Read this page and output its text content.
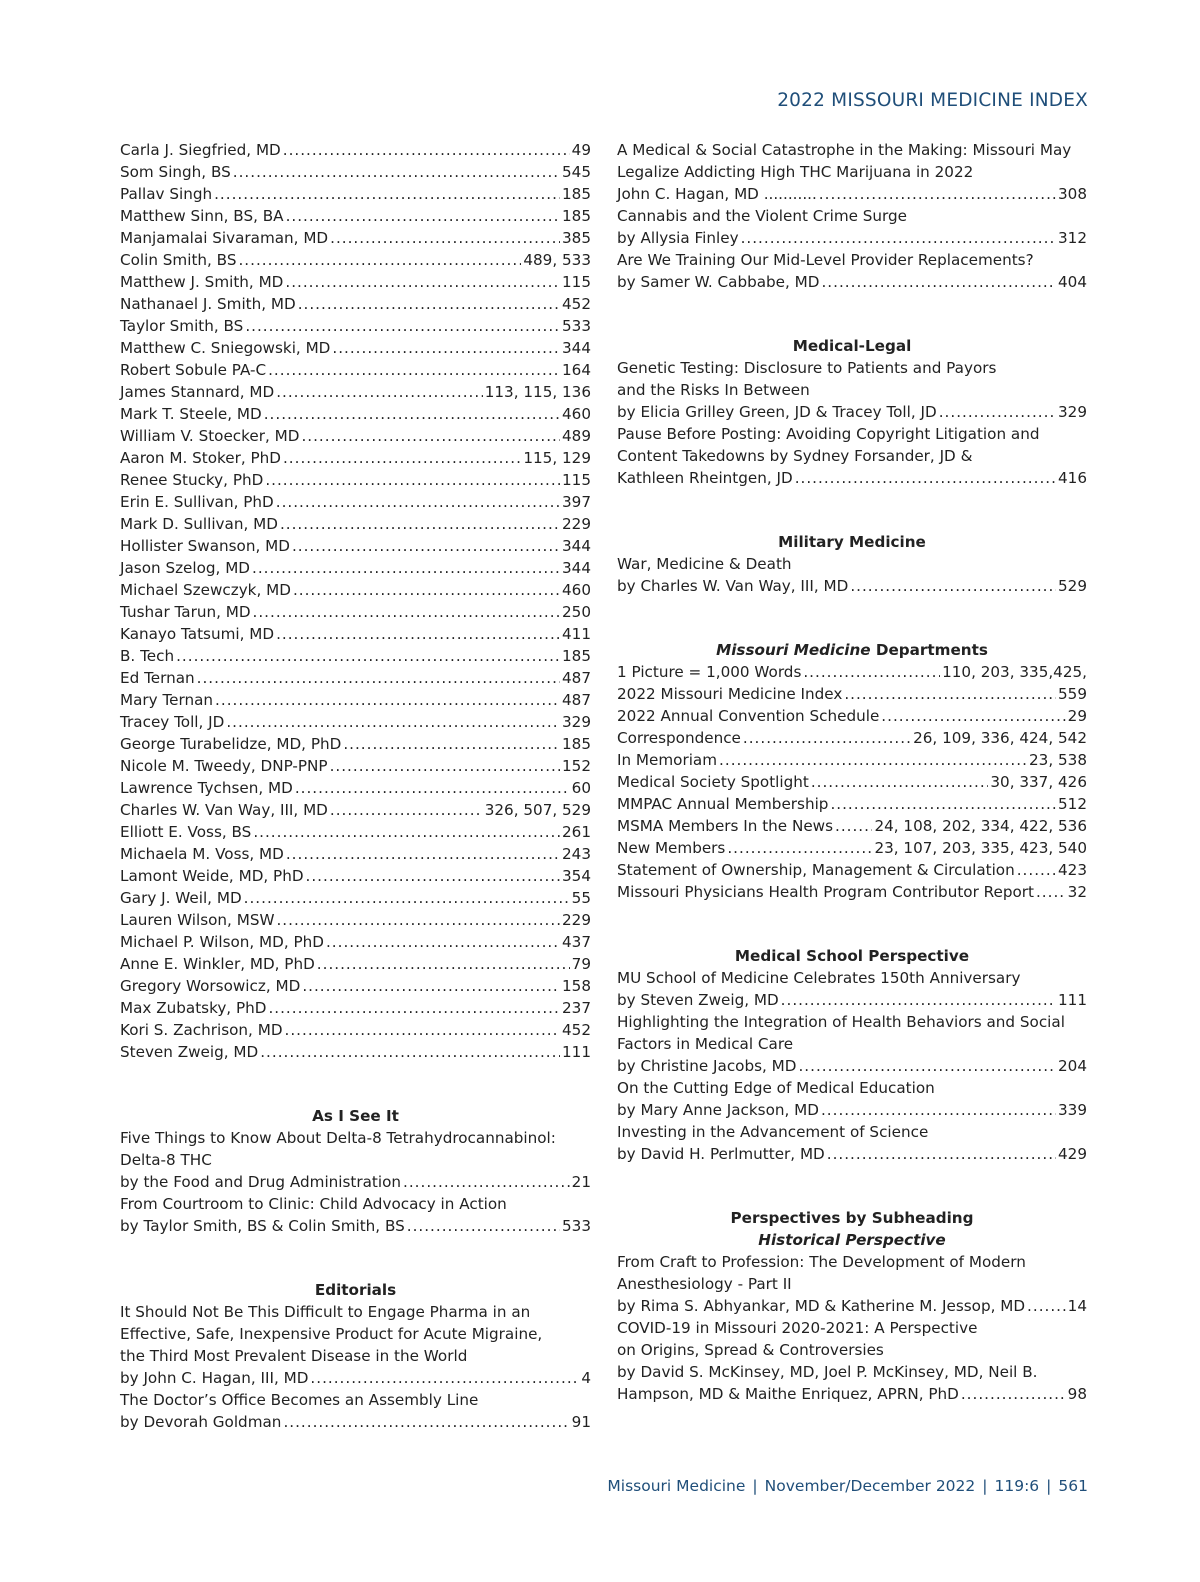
2022 MISSOURI MEDICINE INDEX
Carla J. Siegfried, MD .....	49
Som Singh, BS .....	545
Pallav Singh .....	185
Matthew Sinn, BS, BA .....	185
Manjamalai Sivaraman, MD .....	385
Colin Smith, BS .....	489, 533
Matthew J. Smith, MD .....	115
Nathanael J. Smith, MD .....	452
Taylor Smith, BS .....	533
Matthew C. Sniegowski, MD .....	344
Robert Sobule PA-C .....	164
James Stannard, MD .....	113, 115, 136
Mark T. Steele, MD .....	460
William V. Stoecker, MD .....	489
Aaron M. Stoker, PhD .....	115, 129
Renee Stucky, PhD .....	115
Erin E. Sullivan, PhD .....	397
Mark D. Sullivan, MD .....	229
Hollister Swanson, MD .....	344
Jason Szelog, MD .....	344
Michael Szewczyk, MD .....	460
Tushar Tarun, MD .....	250
Kanayo Tatsumi, MD .....	411
B. Tech .....	185
Ed Ternan .....	487
Mary Ternan .....	487
Tracey Toll, JD .....	329
George Turabelidze, MD, PhD .....	185
Nicole M. Tweedy, DNP-PNP .....	152
Lawrence Tychsen, MD .....	60
Charles W. Van Way, III, MD .....	326, 507, 529
Elliott E. Voss, BS .....	261
Michaela M. Voss, MD .....	243
Lamont Weide, MD, PhD .....	354
Gary J. Weil, MD .....	55
Lauren Wilson, MSW .....	229
Michael P. Wilson, MD, PhD .....	437
Anne E. Winkler, MD, PhD .....	79
Gregory Worsowicz, MD .....	158
Max Zubatsky, PhD .....	237
Kori S. Zachrison, MD .....	452
Steven Zweig, MD .....	111
As I See It
Five Things to Know About Delta-8 Tetrahydrocannabinol:
Delta-8 THC
by the Food and Drug Administration .....	21
From Courtroom to Clinic: Child Advocacy in Action
by Taylor Smith, BS & Colin Smith, BS .....	533
Editorials
It Should Not Be This Difficult to Engage Pharma in an
Effective, Safe, Inexpensive Product for Acute Migraine,
the Third Most Prevalent Disease in the World
by John C. Hagan, III, MD .....	4
The Doctor’s Office Becomes an Assembly Line
by Devorah Goldman .....	91
A Medical & Social Catastrophe in the Making: Missouri May
Legalize Addicting High THC Marijuana in 2022
John C. Hagan, MD ........... .....	308
Cannabis and the Violent Crime Surge
by Allysia Finley .....	312
Are We Training Our Mid-Level Provider Replacements?
by Samer W. Cabbabe, MD .....	404
Medical-Legal
Genetic Testing: Disclosure to Patients and Payors
and the Risks In Between
by Elicia Grilley Green, JD & Tracey Toll, JD .....	329
Pause Before Posting: Avoiding Copyright Litigation and
Content Takedowns by Sydney Forsander, JD &
Kathleen Rheintgen, JD .....	416
Military Medicine
War, Medicine & Death
by Charles W. Van Way, III, MD .....	529
Missouri Medicine Departments
1 Picture = 1,000 Words .....	110, 203, 335,425,
2022 Missouri Medicine Index .....	559
2022 Annual Convention Schedule .....	29
Correspondence .....	26, 109, 336, 424, 542
In Memoriam .....	23, 538
Medical Society Spotlight .....	30, 337, 426
MMPAC Annual Membership .....	512
MSMA Members In the News .....	24, 108, 202, 334, 422, 536
New Members .....	23, 107, 203, 335, 423, 540
Statement of Ownership, Management & Circulation .....	423
Missouri Physicians Health Program Contributor Report ..... 32
Medical School Perspective
MU School of Medicine Celebrates 150th Anniversary
by Steven Zweig, MD .....	111
Highlighting the Integration of Health Behaviors and Social
Factors in Medical Care
by Christine Jacobs, MD .....	204
On the Cutting Edge of Medical Education
by Mary Anne Jackson, MD .....	339
Investing in the Advancement of Science
by David H. Perlmutter, MD .....	429
Perspectives by Subheading
Historical Perspective
From Craft to Profession: The Development of Modern
Anesthesiology - Part II
by Rima S. Abhyankar, MD & Katherine M. Jessop, MD .....	14
COVID-19 in Missouri 2020-2021: A Perspective
on Origins, Spread & Controversies
by David S. McKinsey, MD, Joel P. McKinsey, MD, Neil B.
Hampson, MD & Maithe Enriquez, APRN, PhD .....	98
Missouri Medicine | November/December 2022 | 119:6 | 561
